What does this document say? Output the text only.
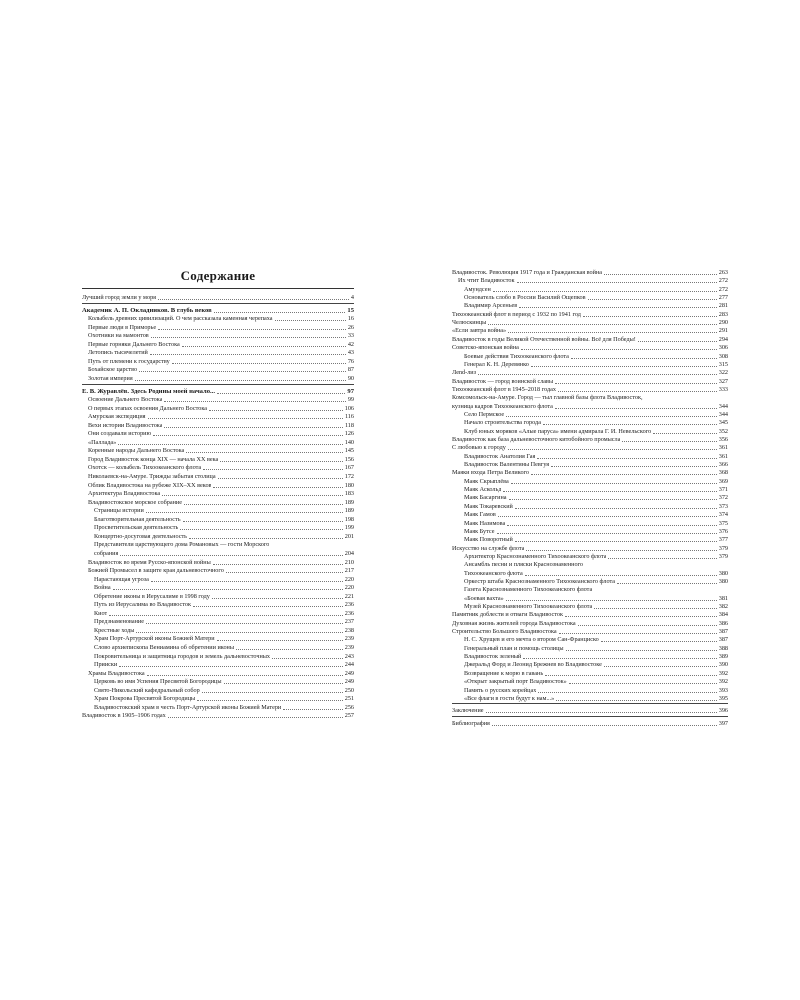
Содержание
Лучший город земли у моря	4
Академик А. П. Окладников. В глубь веков	15
Колыбель древних цивилизаций. О чем рассказала каменная черепаха	16
Первые люди в Приморье	26
Охотники на мамонтов	33
Первые горняки Дальнего Востока	42
Летопись тысячелетий	43
Путь от племени к государству	76
Бохайское царство	87
Золотая империя	90
Е. В. Журавлёв. Здесь Родины моей начало...	97
Освоение Дальнего Востока	99
О первых этапах освоения Дальнего Востока	106
Амурская экспедиция	116
Вехи истории Владивостока	118
Они создавали историю	126
«Паллада»	140
Коренные народы Дальнего Востока	145
Город Владивосток конца XIX — начала XX века	156
Охотск — колыбель Тихоокеанского флота	167
Николаевск-на-Амуре. Трижды забытая столица	172
Облик Владивостока на рубеже XIX–XX веков	180
Архитектура Владивостока	183
Владивостокское морское собрание	189
Страницы истории	189
Благотворительная деятельность	198
Просветительская деятельность	199
Концертно-досуговая деятельность	201
Представители царствующего дома Романовых — гости Морского
собрания	204
Владивосток во время Русско-японской войны	210
Божией Промысел в защите края дальневосточного	217
Нарастающая угроза	220
Война	220
Обретение иконы в Иерусалиме в 1998 году	221
Путь из Иерусалима во Владивосток	236
Киот	236
Предзнаменование	237
Крестные ходы	238
Храм Порт-Артурской иконы Божией Матери	239
Слово архиепископа Вениамина об обретении иконы	239
Покровительница и защитница городов и земель дальневосточных	243
Прииски	244
Храмы Владивостока	249
Церковь во имя Успения Пресвятой Богородицы	249
Свято-Никольский кафедральный собор	250
Храм Покрова Пресвятой Богородицы	251
Владивостокский храм в честь Порт-Артурской иконы Божией Матери	256
Владивосток в 1905–1906 годах	257
Владивосток. Революция 1917 года и Гражданская война	263
Их чтит Владивосток	272
Амундсен	272
Основатель слобо в России Василий Ощепков	277
Владимир Арсеньев	281
Тихоокеанский флот в период с 1932 по 1941 год	283
Челюскинцы	290
«Если завтра война»	291
Владивосток в годы Великой Отечественной войны. Всё для Победы!	294
Советско-японская война	306
Боевые действия Тихоокеанского флота	308
Генерал К. Н. Деревянко	315
Лend-лиз	322
Владивосток — город воинской славы	327
Тихоокеанский флот в 1945–2018 годах	333
Комсомольск-на-Амуре. Город — тыл главной базы флота Владивосток,
кузница кадров Тихоокеанского флота	344
Село Пермское	344
Начало строительства города	345
Клуб юных моряков «Алые паруса» имени адмирала Г. И. Невельского	352
Владивосток как база дальневосточного китобойного промысла	356
С любовью к городу	361
Владивосток Анатолия Гая	361
Владивосток Валентины Певгуя	366
Маяки входа Петра Великого	368
Маяк Скрыплёва	369
Маяк Аскольд	371
Маяк Басаргина	372
Маяк Токаревский	373
Маяк Гамов	374
Маяк Назимова	375
Маяк Бутсе	376
Маяк Поворотный	377
Искусство на службе флота	379
Архитектор Краснознаменного Тихоокеанского флота	379
Ансамбль песни и пляски Краснознаменного
Тихоокеанского флота	380
Оркестр штаба Краснознаменного Тихоокеанского флота	380
Газета Краснознаменного Тихоокеанского флота
«Боевая вахта»	381
Музей Краснознаменного Тихоокеанского флота	382
Памятник доблести и отваги Владивосток	384
Духовная жизнь жителей города Владивостока	386
Строительство Большого Владивостока	387
Н. С. Хрущев и его мечта о втором Сан-Франциско	387
Генеральный план и помощь столицы	388
Владивосток зеленый	389
Джеральд Форд и Леонид Брежнев во Владивостоке	390
Возвращение к морю в гавань	392
«Открыт закрытый порт Владивосток»	392
Память о русских корейцах	393
«Все флаги в гости будут к нам...»	395
Заключение	396
Библиография	397
